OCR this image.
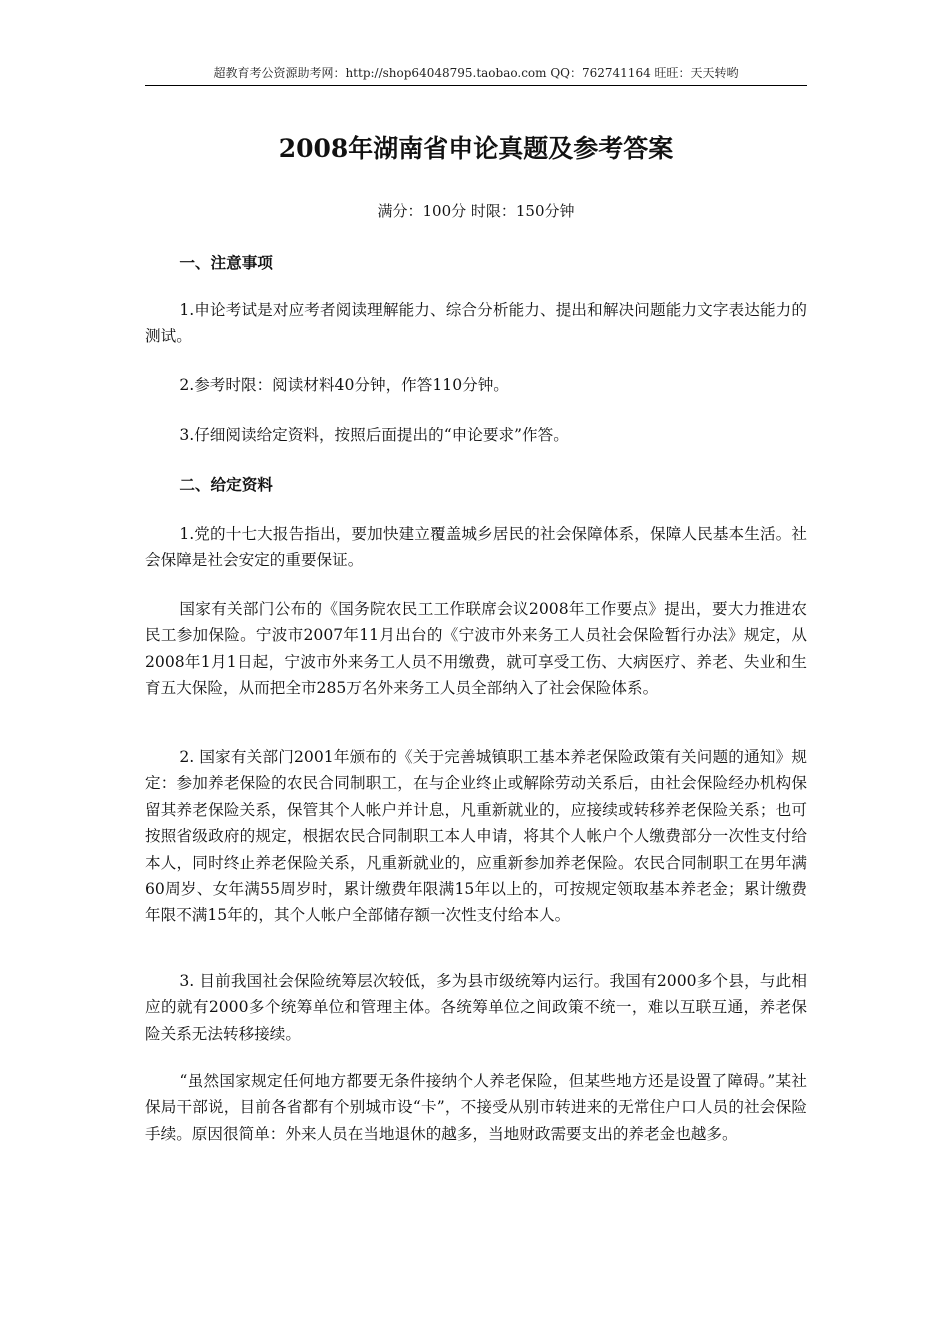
超教育考公资源助考网：http://shop64048795.taobao.com QQ：762741164 旺旺：天天转哟
2008年湖南省申论真题及参考答案
满分：100分 时限：150分钟

一、注意事项

1.申论考试是对应考者阅读理解能力、综合分析能力、提出和解决问题能力文字表达能力的测试。

2.参考时限：阅读材料40分钟，作答110分钟。

3.仔细阅读给定资料，按照后面提出的“申论要求”作答。

二、给定资料

1.党的十七大报告指出，要加快建立覆盖城乡居民的社会保障体系，保障人民基本生活。社会保障是社会安定的重要保证。

国家有关部门公布的《国务院农民工工作联席会议2008年工作要点》提出，要大力推进农民工参加保险。宁波市2007年11月出台的《宁波市外来务工人员社会保险暂行办法》规定，从2008年1月1日起，宁波市外来务工人员不用缴费，就可享受工伤、大病医疗、养老、失业和生育五大保险，从而把全市285万名外来务工人员全部纳入了社会保险体系。

2. 国家有关部门2001年颁布的《关于完善城镇职工基本养老保险政策有关问题的通知》规定：参加养老保险的农民合同制职工，在与企业终止或解除劳动关系后，由社会保险经办机构保留其养老保险关系，保管其个人帐户并计息，凡重新就业的，应接续或转移养老保险关系；也可按照省级政府的规定，根据农民合同制职工本人申请，将其个人帐户个人缴费部分一次性支付给本人，同时终止养老保险关系，凡重新就业的，应重新参加养老保险。农民合同制职工在男年满60周岁、女年满55周岁时，累计缴费年限满15年以上的，可按规定领取基本养老金；累计缴费年限不满15年的，其个人帐户全部储存额一次性支付给本人。

3. 目前我国社会保险统筹层次较低，多为县市级统筹内运行。我国有2000多个县，与此相应的就有2000多个统筹单位和管理主体。各统筹单位之间政策不统一，难以互联互通，养老保险关系无法转移接续。

“虽然国家规定任何地方都要无条件接纳个人养老保险，但某些地方还是设置了障碍。”某社保局干部说，目前各省都有个别城市设“卡”，不接受从别市转进来的无常住户口人员的社会保险手续。原因很简单：外来人员在当地退休的越多，当地财政需要支出的养老金也越多。
